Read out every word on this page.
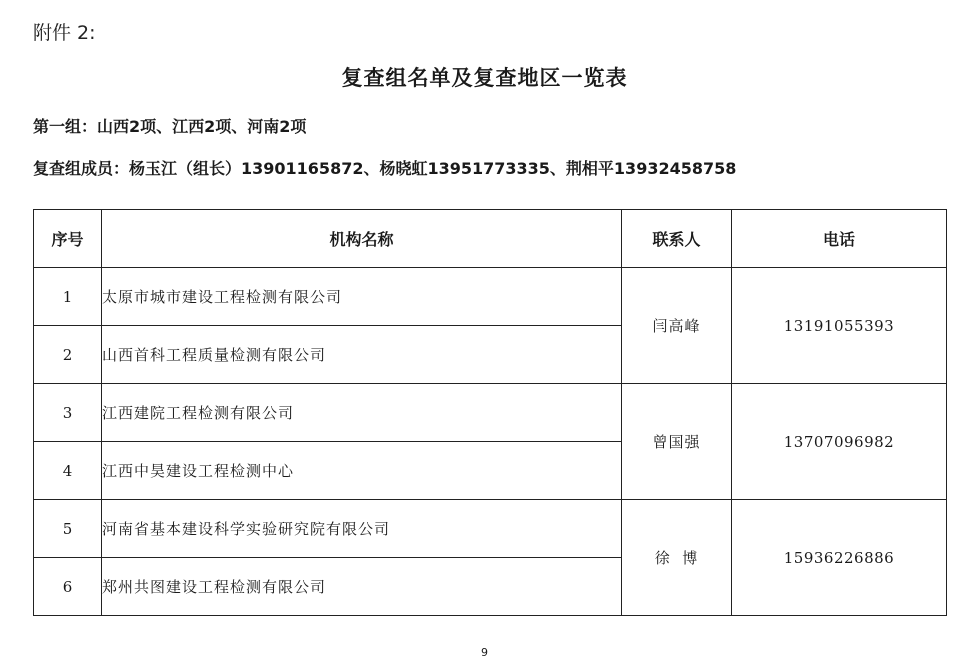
附件 2:
复查组名单及复查地区一览表
第一组：山西2项、江西2项、河南2项
复查组成员：杨玉江（组长）13901165872、杨晓虹13951773335、荆相平13932458758
序号	机构名称	联系人	电话
1	太原市城市建设工程检测有限公司	闫高峰	13191055393
2	山西首科工程质量检测有限公司		
3	江西建院工程检测有限公司	曾国强	13707096982
4	江西中昊建设工程检测中心		
5	河南省基本建设科学实验研究院有限公司	徐  博	15936226886
6	郑州共图建设工程检测有限公司		
9
